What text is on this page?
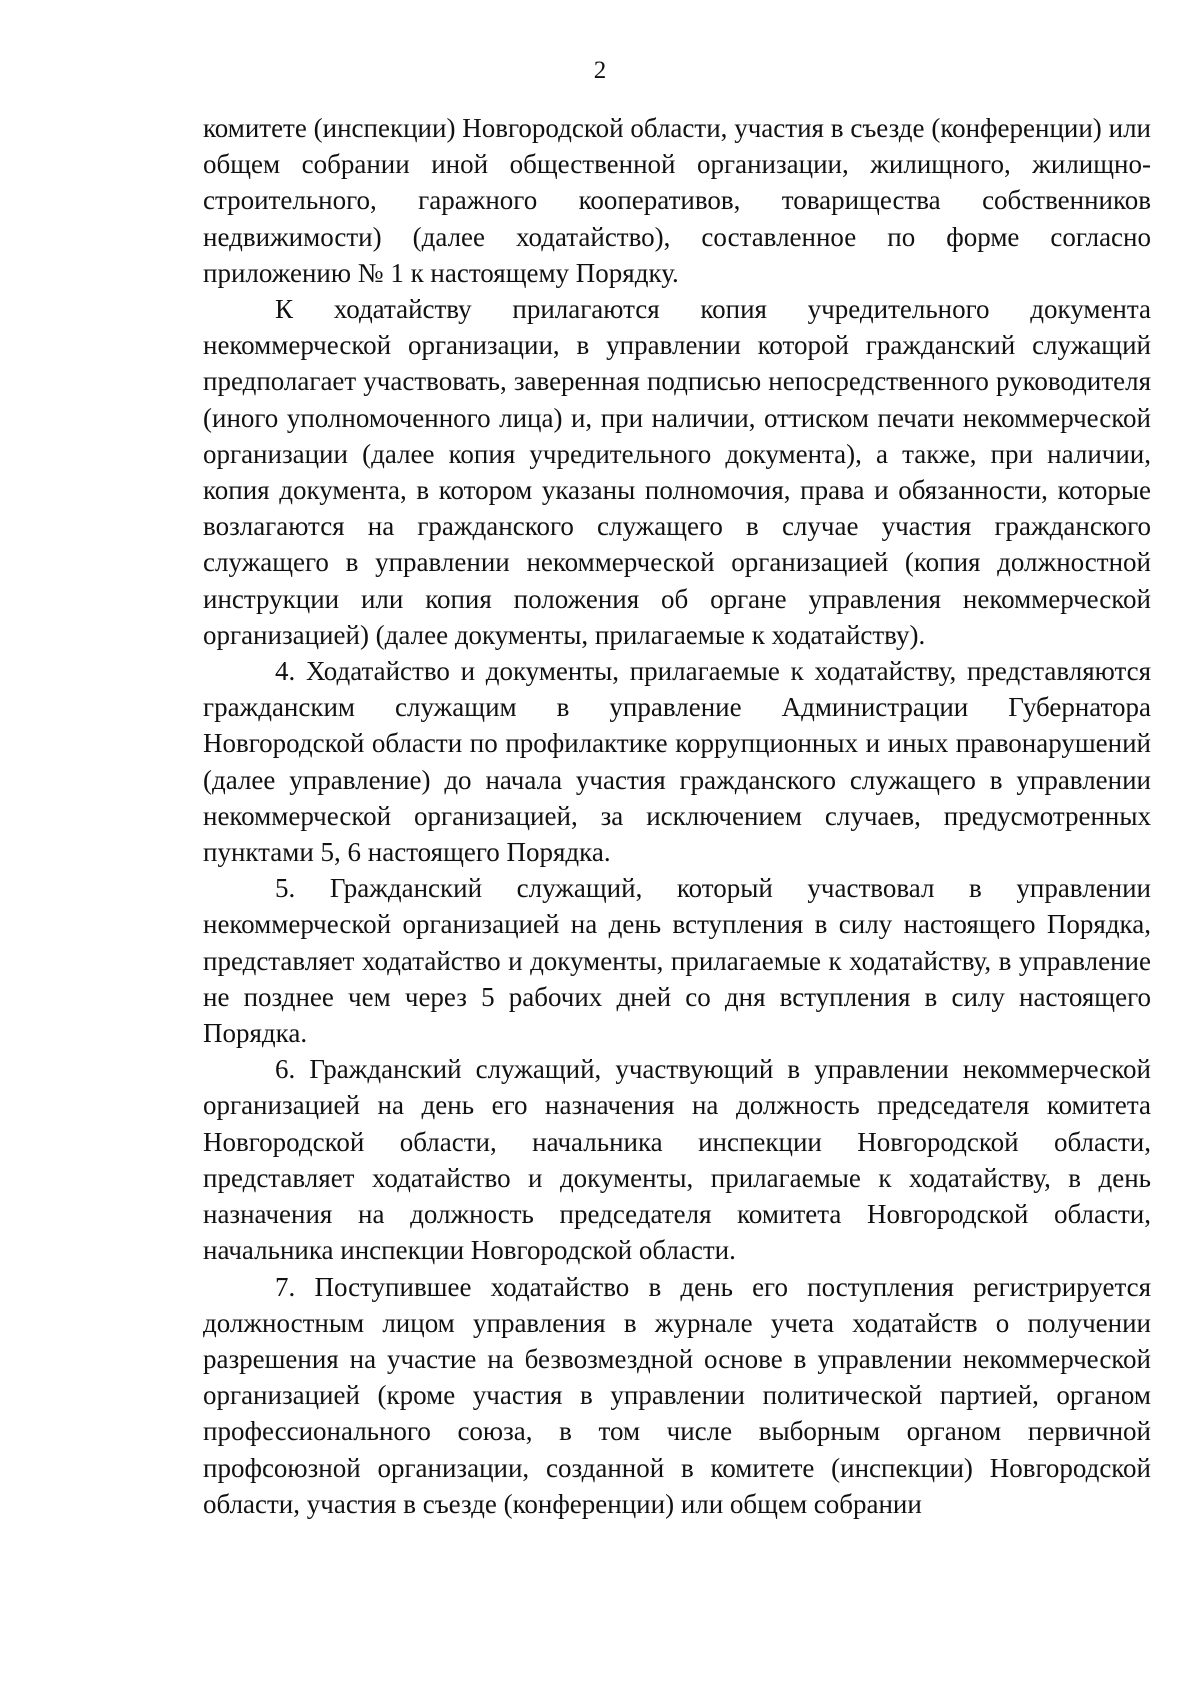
2

комитете (инспекции) Новгородской области, участия в съезде (конференции) или общем собрании иной общественной организации, жилищного, жилищно-строительного, гаражного кооперативов, товарищества собственников недвижимости) (далее ходатайство), составленное по форме согласно приложению № 1 к настоящему Порядку.

К ходатайству прилагаются копия учредительного документа некоммерческой организации, в управлении которой гражданский служащий предполагает участвовать, заверенная подписью непосредственного руководителя (иного уполномоченного лица) и, при наличии, оттиском печати некоммерческой организации (далее копия учредительного документа), а также, при наличии, копия документа, в котором указаны полномочия, права и обязанности, которые возлагаются на гражданского служащего в случае участия гражданского служащего в управлении некоммерческой организацией (копия должностной инструкции или копия положения об органе управления некоммерческой организацией) (далее документы, прилагаемые к ходатайству).

4. Ходатайство и документы, прилагаемые к ходатайству, представляются гражданским служащим в управление Администрации Губернатора Новгородской области по профилактике коррупционных и иных правонарушений (далее управление) до начала участия гражданского служащего в управлении некоммерческой организацией, за исключением случаев, предусмотренных пунктами 5, 6 настоящего Порядка.

5. Гражданский служащий, который участвовал в управлении некоммерческой организацией на день вступления в силу настоящего Порядка, представляет ходатайство и документы, прилагаемые к ходатайству, в управление не позднее чем через 5 рабочих дней со дня вступления в силу настоящего Порядка.

6. Гражданский служащий, участвующий в управлении некоммерческой организацией на день его назначения на должность председателя комитета Новгородской области, начальника инспекции Новгородской области, представляет ходатайство и документы, прилагаемые к ходатайству, в день назначения на должность председателя комитета Новгородской области, начальника инспекции Новгородской области.

7. Поступившее ходатайство в день его поступления регистрируется должностным лицом управления в журнале учета ходатайств о получении разрешения на участие на безвозмездной основе в управлении некоммерческой организацией (кроме участия в управлении политической партией, органом профессионального союза, в том числе выборным органом первичной профсоюзной организации, созданной в комитете (инспекции) Новгородской области, участия в съезде (конференции) или общем собрании
